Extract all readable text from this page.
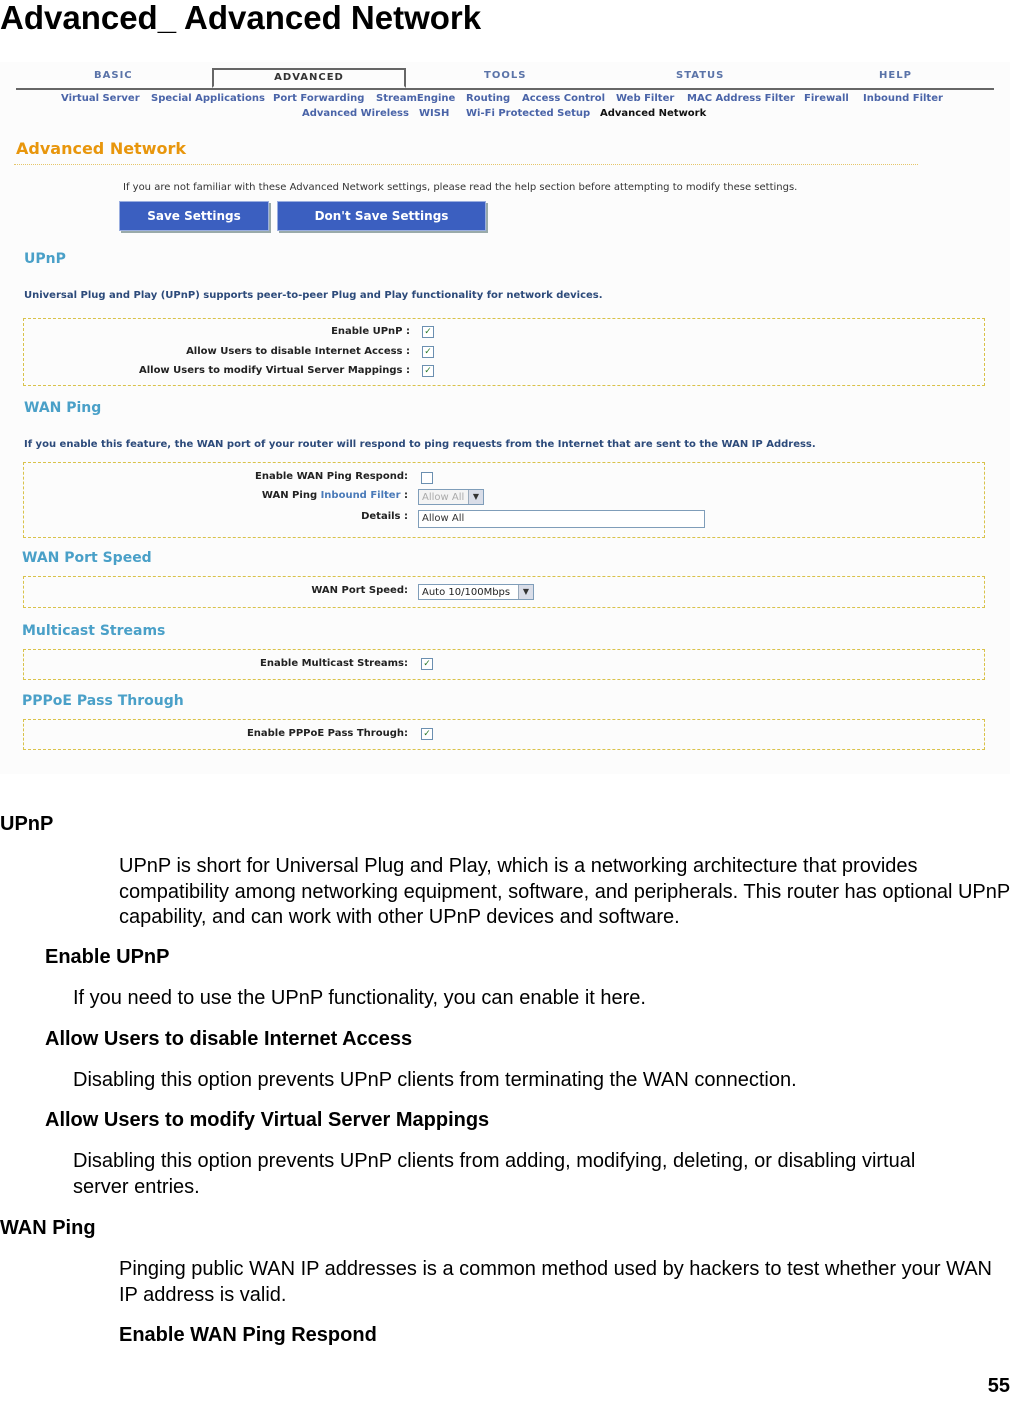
Advanced_ Advanced Network
BASIC	ADVANCED	TOOLS	STATUS	HELP
Virtual Server Special Applications Port Forwarding StreamEngine Routing Access Control Web Filter MAC Address Filter Firewall Inbound Filter
Advanced Wireless WISH Wi-Fi Protected Setup Advanced Network
Advanced Network
If you are not familiar with these Advanced Network settings, please read the help section before attempting to modify these settings.
Save Settings	Don't Save Settings
UPnP
Universal Plug and Play (UPnP) supports peer-to-peer Plug and Play functionality for network devices.
Enable UPnP : ✓
Allow Users to disable Internet Access : ✓
Allow Users to modify Virtual Server Mappings : ✓
WAN Ping
If you enable this feature, the WAN port of your router will respond to ping requests from the Internet that are sent to the WAN IP Address.
Enable WAN Ping Respond:
WAN Ping Inbound Filter :	Allow All	▼
Details :	Allow All
WAN Port Speed
WAN Port Speed:	Auto 10/100Mbps	▼
Multicast Streams
Enable Multicast Streams: ✓
PPPoE Pass Through
Enable PPPoE Pass Through: ✓
UPnP
UPnP is short for Universal Plug and Play, which is a networking architecture that provides compatibility among networking equipment, software, and peripherals. This router has optional UPnP capability, and can work with other UPnP devices and software.
Enable UPnP
If you need to use the UPnP functionality, you can enable it here.
Allow Users to disable Internet Access
Disabling this option prevents UPnP clients from terminating the WAN connection.
Allow Users to modify Virtual Server Mappings
Disabling this option prevents UPnP clients from adding, modifying, deleting, or disabling virtual server entries.
WAN Ping
Pinging public WAN IP addresses is a common method used by hackers to test whether your WAN IP address is valid.
Enable WAN Ping Respond
55
